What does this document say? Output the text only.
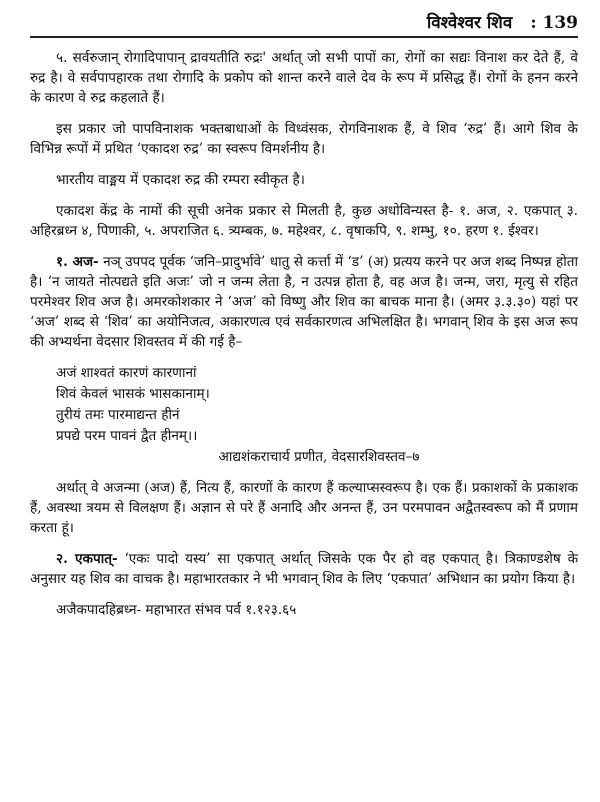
विश्वेश्वर शिव : 139

५. सर्वरुजान् रोगादिपापान् द्रावयतीति रुद्रः' अर्थात् जो सभी पापों का, रोगों का सद्यः विनाश कर देते हैं, वे रुद्र है। वे सर्वपापहारक तथा रोगादि के प्रकोप को शान्त करने वाले देव के रूप में प्रसिद्ध हैं। रोगों के हनन करने के कारण वे रुद्र कहलाते हैं।

इस प्रकार जो पापविनाशक भक्तबाधाओं के विध्वंसक, रोगविनाशक हैं, वे शिव ‘रुद्र’ हैं। आगे शिव के विभिन्न रूपों में प्रथित ‘एकादश रुद्र’ का स्वरूप विमर्शनीय है।

भारतीय वाङ्मय में एकादश रुद्र की रम्परा स्वीकृत है।

एकादश केंद्र के नामों की सूची अनेक प्रकार से मिलती है, कुछ अधोविन्यस्त है- १. अज, २. एकपात् ३. अहिरब्रध्न ४, पिणाकी, ५. अपराजित ६. त्र्यम्बक, ७. महेश्वर, ८. वृषाकपि, ९. शम्भु, १०. हरण १. ईश्वर।

१. अज- नञ् उपपद पूर्वक ‘जनि–प्रादुर्भावे’ धातु से कर्त्ता में ‘ड’ (अ) प्रत्यय करने पर अज शब्द निष्पन्न होता है। ‘न जायते नोत्पद्यते इति अजः’ जो न जन्म लेता है, न उत्पन्न होता है, वह अज है। जन्म, जरा, मृत्यु से रहित परमेश्वर शिव अज है। अमरकोशकार ने ‘अज’ को विष्णु और शिव का बाचक माना है। (अमर ३.३.३०) यहां पर ‘अज’ शब्द से ‘शिव’ का अयोनिजत्व, अकारणत्व एवं सर्वकारणत्व अभिलक्षित है। भगवान् शिव के इस अज रूप की अभ्यर्थना वेदसार शिवस्तव में की गई है–

अजं शाश्वतं कारणं कारणानां
शिवं केवलं भासकं भासकानाम्।
तुरीयं तमः पारमाद्यन्त हीनं
प्रपद्ये परम पावनं द्वैत हीनम्।।
आद्यशंकराचार्य प्रणीत, वेदसारशिवस्तव–७

अर्थात् वे अजन्मा (अज) हैं, नित्य हैं, कारणों के कारण हैं कल्याप्सस्वरूप है। एक हैं। प्रकाशकों के प्रकाशक हैं, अवस्था त्रयम से विलक्षण हैं। अज्ञान से परे हैं अनादि और अनन्त हैं, उन परमपावन अद्वैतस्वरूप को मैं प्रणाम करता हूं।

२. एकपात्- ‘एकः पादो यस्य’ सा एकपात् अर्थात् जिसके एक पैर हो वह एकपात् है। त्रिकाण्डशेष के अनुसार यह शिव का वाचक है। महाभारतकार ने भी भगवान् शिव के लिए ‘एकपात’ अभिधान का प्रयोग किया है।

अजैकपादहिब्रध्न- महाभारत संभव पर्व १.१२३.६५
